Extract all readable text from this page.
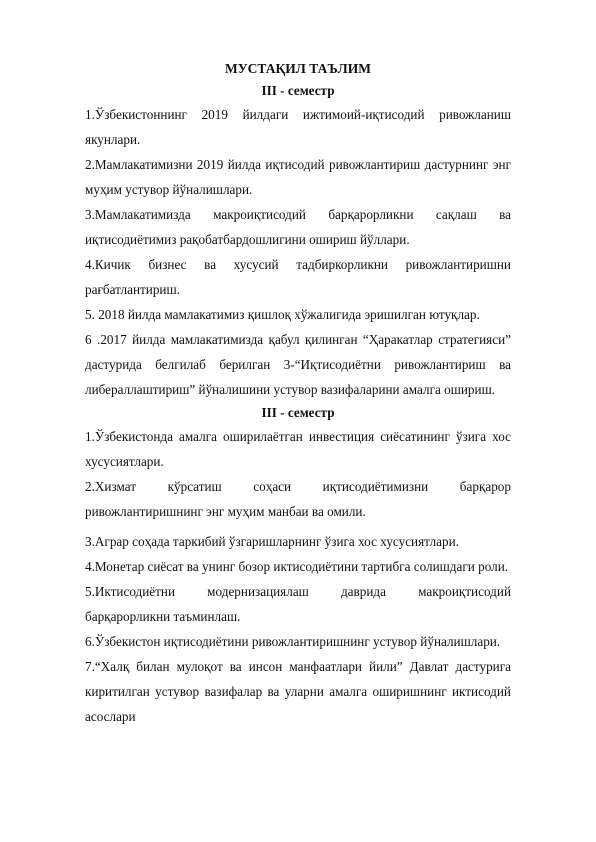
МУСТАҚИЛ ТАЪЛИМ

III - семестр

1.Ўзбекистоннинг 2019 йилдаги ижтимоий-иқтисодий ривожланиш якунлари.

2.Мамлакатимизни 2019 йилда иқтисодий ривожлантириш дастурнинг энг муҳим устувор йўналишлари.

3.Мамлакатимизда макроиқтисодий барқарорликни сақлаш ва иқтисодиётимиз рақобатбардошлигини ошириш йўллари.

4.Кичик бизнес ва хусусий тадбиркорликни ривожлантиришни рағбатлантириш.

5. 2018 йилда мамлакатимиз қишлоқ хўжалигида эришилган ютуқлар.

6 .2017 йилда мамлакатимизда қабул қилинган “Ҳаракатлар стратегияси” дастурида белгилаб берилган 3-“Иқтисодиётни ривожлантириш ва либераллаштириш” йўналишини устувор вазифаларини амалга ошириш.

III - семестр

1.Ўзбекистонда амалга оширилаётган инвестиция сиёсатининг ўзига хос хусусиятлари.

2.Хизмат кўрсатиш соҳаси иқтисодиётимизни барқарор ривожлантиришнинг энг муҳим манбаи ва омили.

3.Аграр соҳада таркибий ўзгаришларнинг ўзига хос хусусиятлари.

4.Монетар сиёсат ва унинг бозор иктисодиётини тартибга солишдаги роли.

5.Иктисодиётни модернизациялаш даврида макроиқтисодий барқарорликни таъминлаш.

6.Ўзбекистон иқтисодиётини ривожлантиришнинг устувор йўналишлари.

7.“Халқ билан мулоқот ва инсон манфаатлари йили” Давлат дастурига киритилган устувор вазифалар ва уларни амалга оширишнинг иктисодий асослари
